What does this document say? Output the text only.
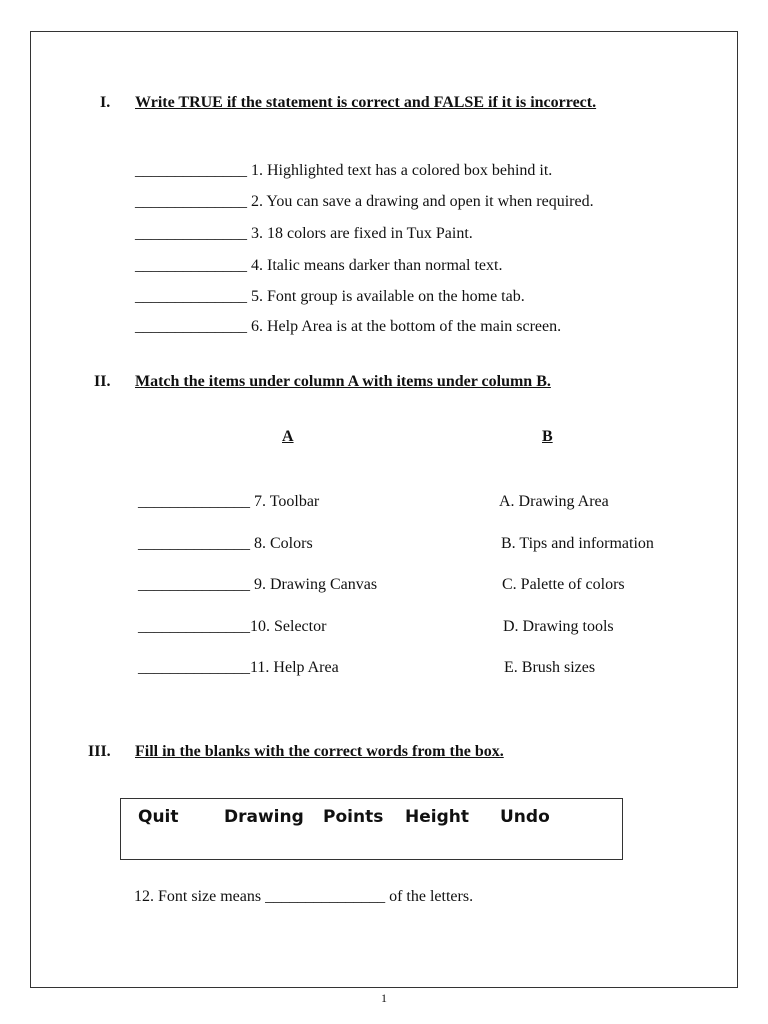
I. Write TRUE if the statement is correct and FALSE if it is incorrect.
______________ 1. Highlighted text has a colored box behind it.
______________ 2. You can save a drawing and open it when required.
______________ 3. 18 colors are fixed in Tux Paint.
______________ 4. Italic means darker than normal text.
______________ 5. Font group is available on the home tab.
______________ 6. Help Area is at the bottom of the main screen.
II. Match the items under column A with items under column B.
A	B
______________ 7. Toolbar
______________ 8. Colors
______________ 9. Drawing Canvas
______________10. Selector
______________11. Help Area
A. Drawing Area
B. Tips and information
C. Palette of colors
D. Drawing tools
E. Brush sizes
III. Fill in the blanks with the correct words from the box.
Quit	Drawing Points Height Undo
12. Font size means _______________ of the letters.
1
